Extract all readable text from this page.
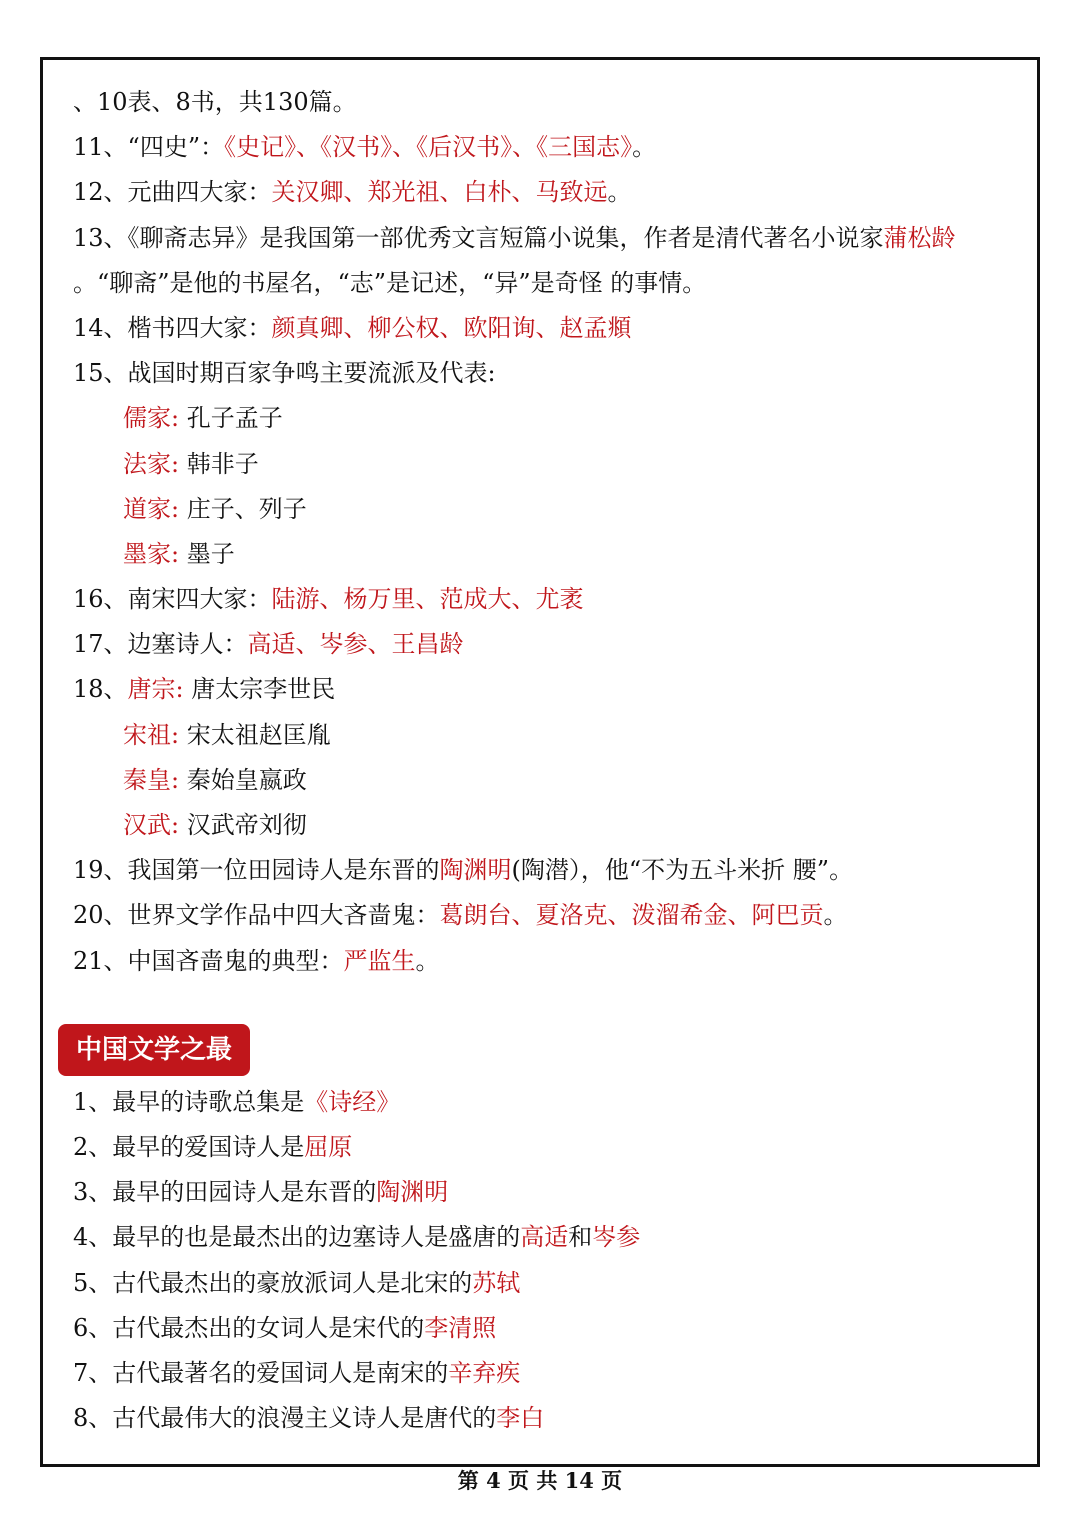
、10表、8书，共130篇。
11、“四史”：《史记》、《汉书》、《后汉书》、《三国志》。
12、元曲四大家：关汉卿、郑光祖、白朴、马致远。
13、《聊斋志异》是我国第一部优秀文言短篇小说集，作者是清代著名小说家蒲松龄
。“聊斋”是他的书屋名，“志”是记述，“异”是奇怪 的事情。
14、楷书四大家：颜真卿、柳公权、欧阳询、赵孟頫
15、战国时期百家争鸣主要流派及代表:
儒家: 孔子孟子
法家: 韩非子
道家: 庄子、列子
墨家: 墨子
16、南宋四大家：陆游、杨万里、范成大、尤袤
17、边塞诗人：高适、岑参、王昌龄
18、唐宗: 唐太宗李世民
宋祖: 宋太祖赵匡胤
秦皇: 秦始皇嬴政
汉武: 汉武帝刘彻
19、我国第一位田园诗人是东晋的陶渊明(陶潜），他“不为五斗米折 腰”。
20、世界文学作品中四大吝啬鬼：葛朗台、夏洛克、泼溜希金、阿巴贡。
21、中国吝啬鬼的典型：严监生。
中国文学之最
1、最早的诗歌总集是《诗经》
2、最早的爱国诗人是屈原
3、最早的田园诗人是东晋的陶渊明
4、最早的也是最杰出的边塞诗人是盛唐的高适和岑参
5、古代最杰出的豪放派词人是北宋的苏轼
6、古代最杰出的女词人是宋代的李清照
7、古代最著名的爱国词人是南宋的辛弃疾
8、古代最伟大的浪漫主义诗人是唐代的李白
第 4 页 共 14 页
